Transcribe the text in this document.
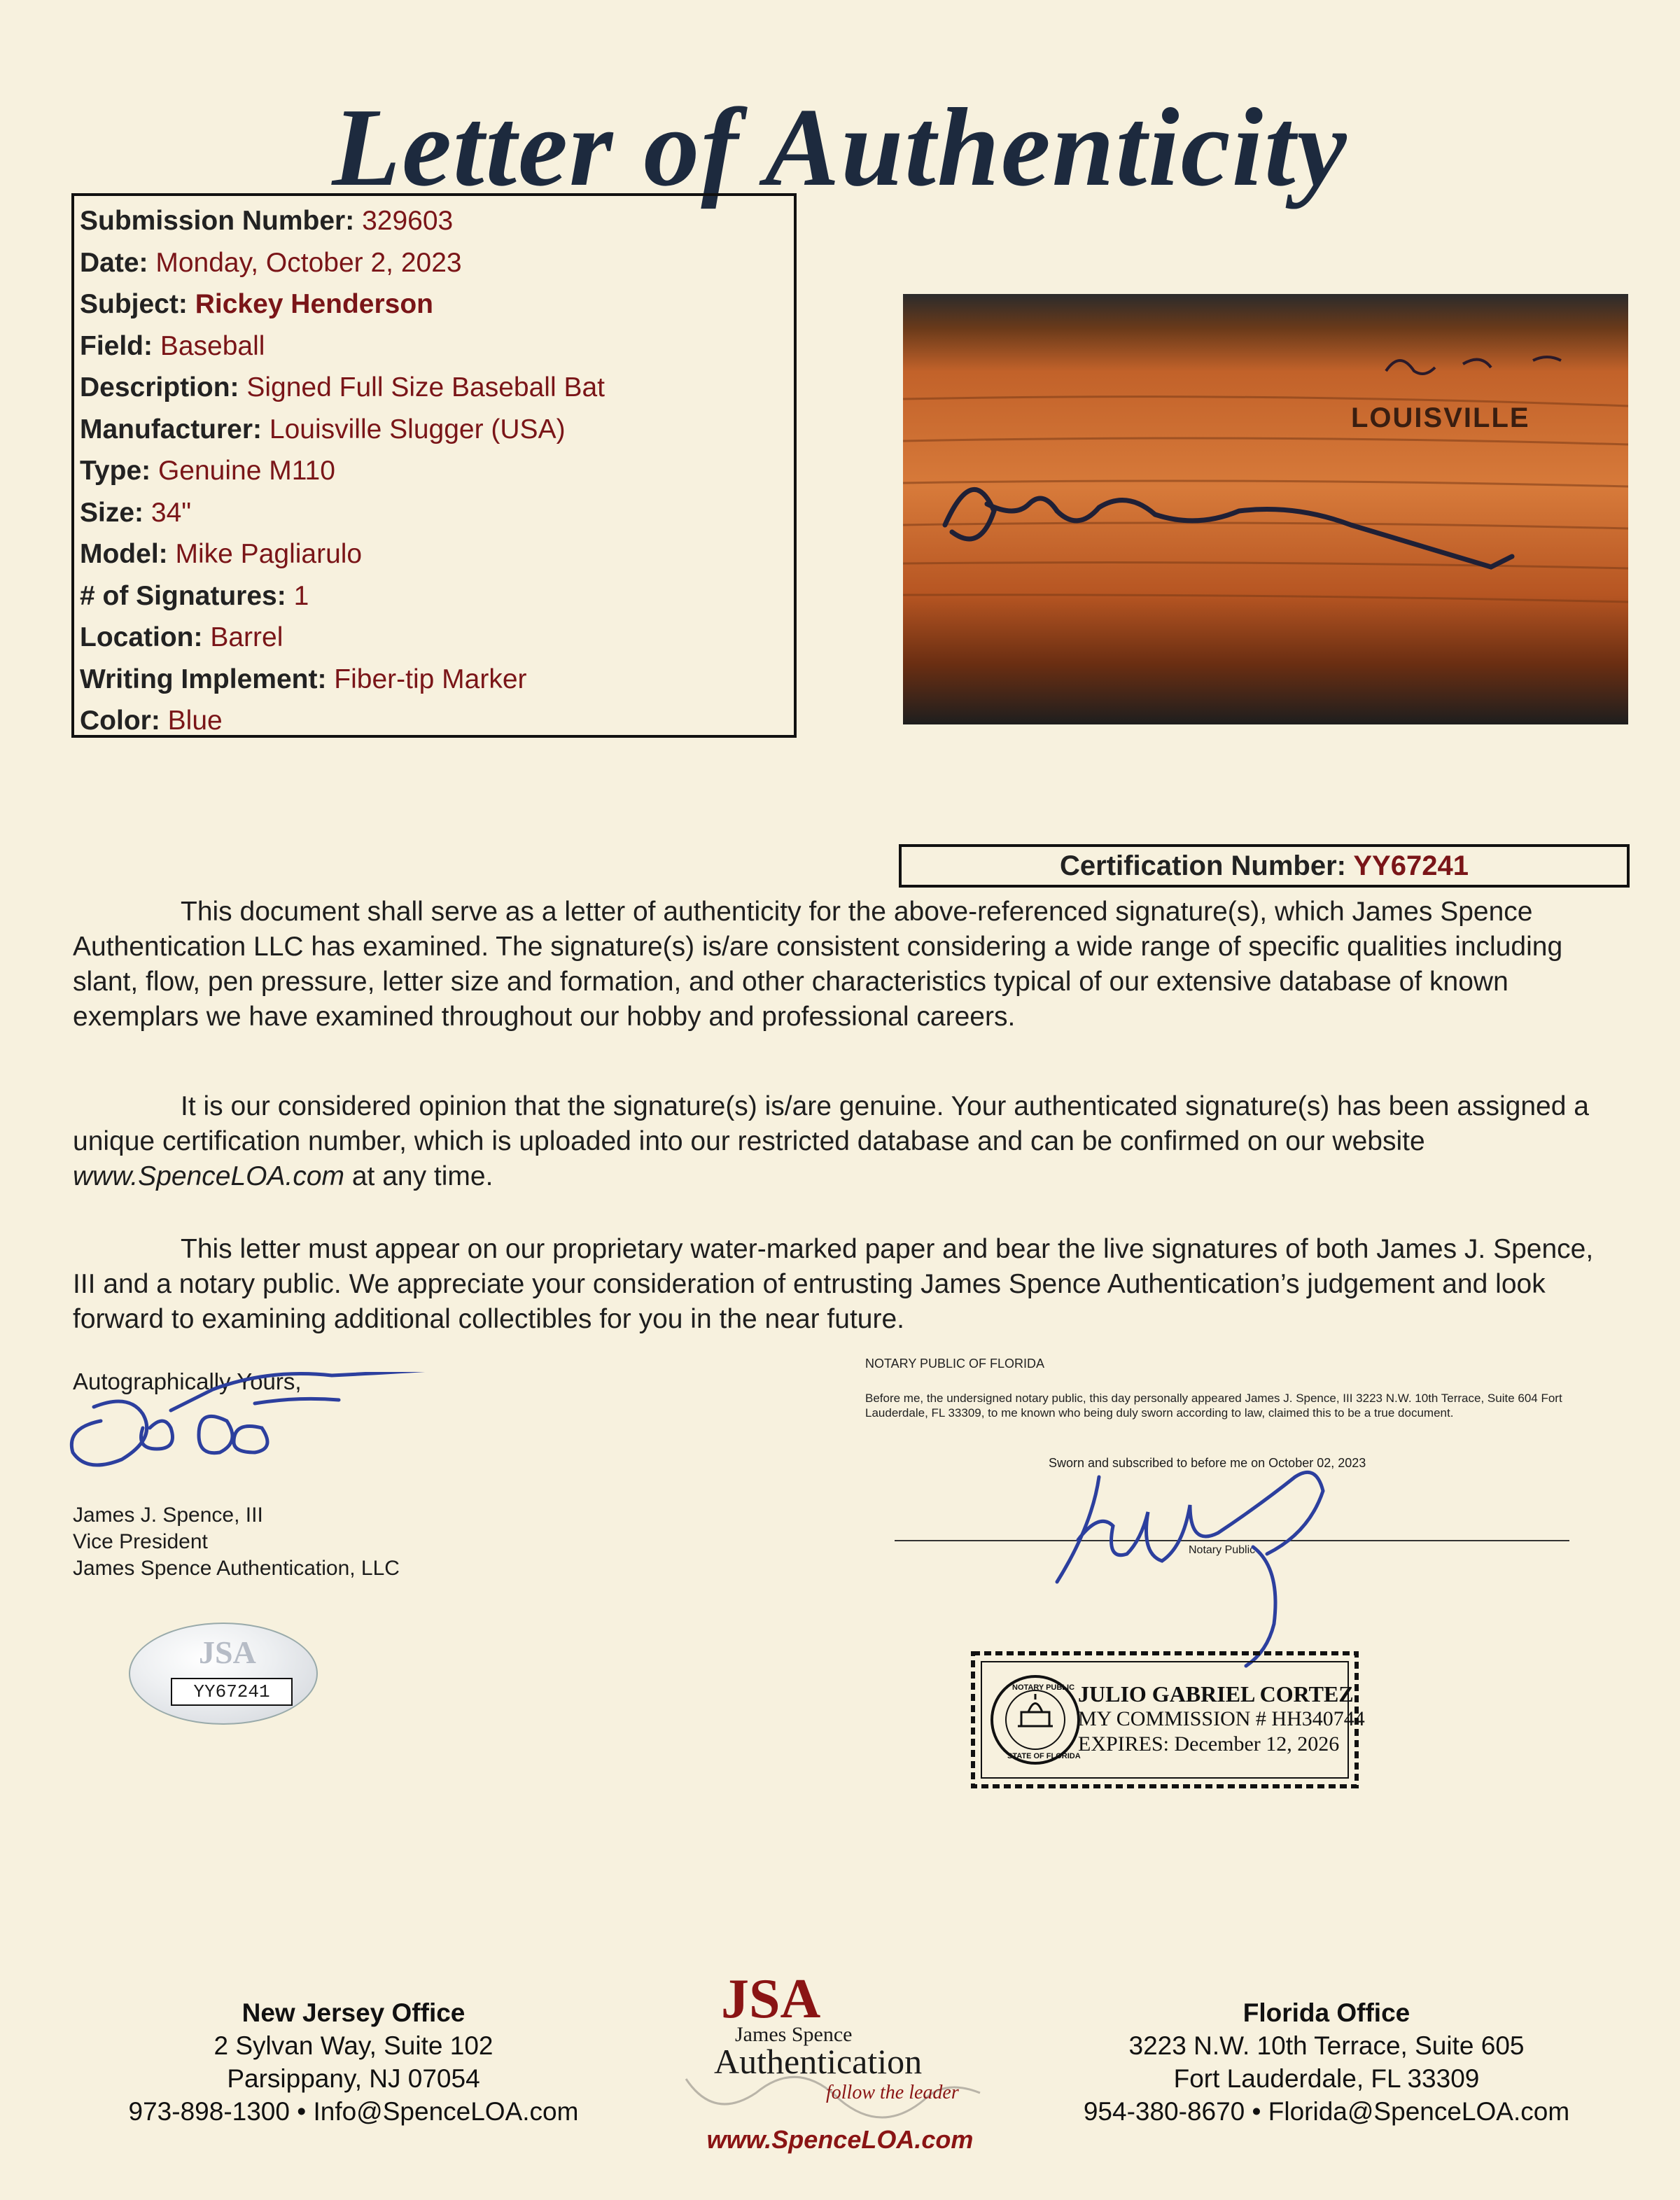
Letter of Authenticity
Submission Number: 329603
Date: Monday, October 2, 2023
Subject: Rickey Henderson
Field: Baseball
Description: Signed Full Size Baseball Bat
Manufacturer: Louisville Slugger (USA)
Type: Genuine M110
Size: 34"
Model: Mike Pagliarulo
# of Signatures: 1
Location: Barrel
Writing Implement: Fiber-tip Marker
Color: Blue
LOUISVILLE
Certification Number: YY67241
This document shall serve as a letter of authenticity for the above-referenced signature(s), which James Spence Authentication LLC has examined. The signature(s) is/are consistent considering a wide range of specific qualities including slant, flow, pen pressure, letter size and formation, and other characteristics typical of our extensive database of known exemplars we have examined throughout our hobby and professional careers.
It is our considered opinion that the signature(s) is/are genuine. Your authenticated signature(s) has been assigned a unique certification number, which is uploaded into our restricted database and can be confirmed on our website www.SpenceLOA.com at any time.
This letter must appear on our proprietary water-marked paper and bear the live signatures of both James J. Spence, III and a notary public. We appreciate your consideration of entrusting James Spence Authentication’s judgement and look forward to examining additional collectibles for you in the near future.
Autographically Yours,
James J. Spence, III
Vice President
James Spence Authentication, LLC
JSA
YY67241
NOTARY PUBLIC OF FLORIDA
Before me, the undersigned notary public, this day personally appeared James J. Spence, III 3223 N.W. 10th Terrace, Suite 604 Fort Lauderdale, FL 33309, to me known who being duly sworn according to law, claimed this to be a true document.
Sworn and subscribed to before me on October 02, 2023
Notary Public
NOTARY PUBLIC
STATE OF FLORIDA
JULIO GABRIEL CORTEZ
MY COMMISSION # HH340744
EXPIRES: December 12, 2026
New Jersey Office
2 Sylvan Way, Suite 102
Parsippany, NJ 07054
973-898-1300 • Info@SpenceLOA.com
JSA
James Spence
Authentication
follow the leader
www.SpenceLOA.com
Florida Office
3223 N.W. 10th Terrace, Suite 605
Fort Lauderdale, FL 33309
954-380-8670 • Florida@SpenceLOA.com
